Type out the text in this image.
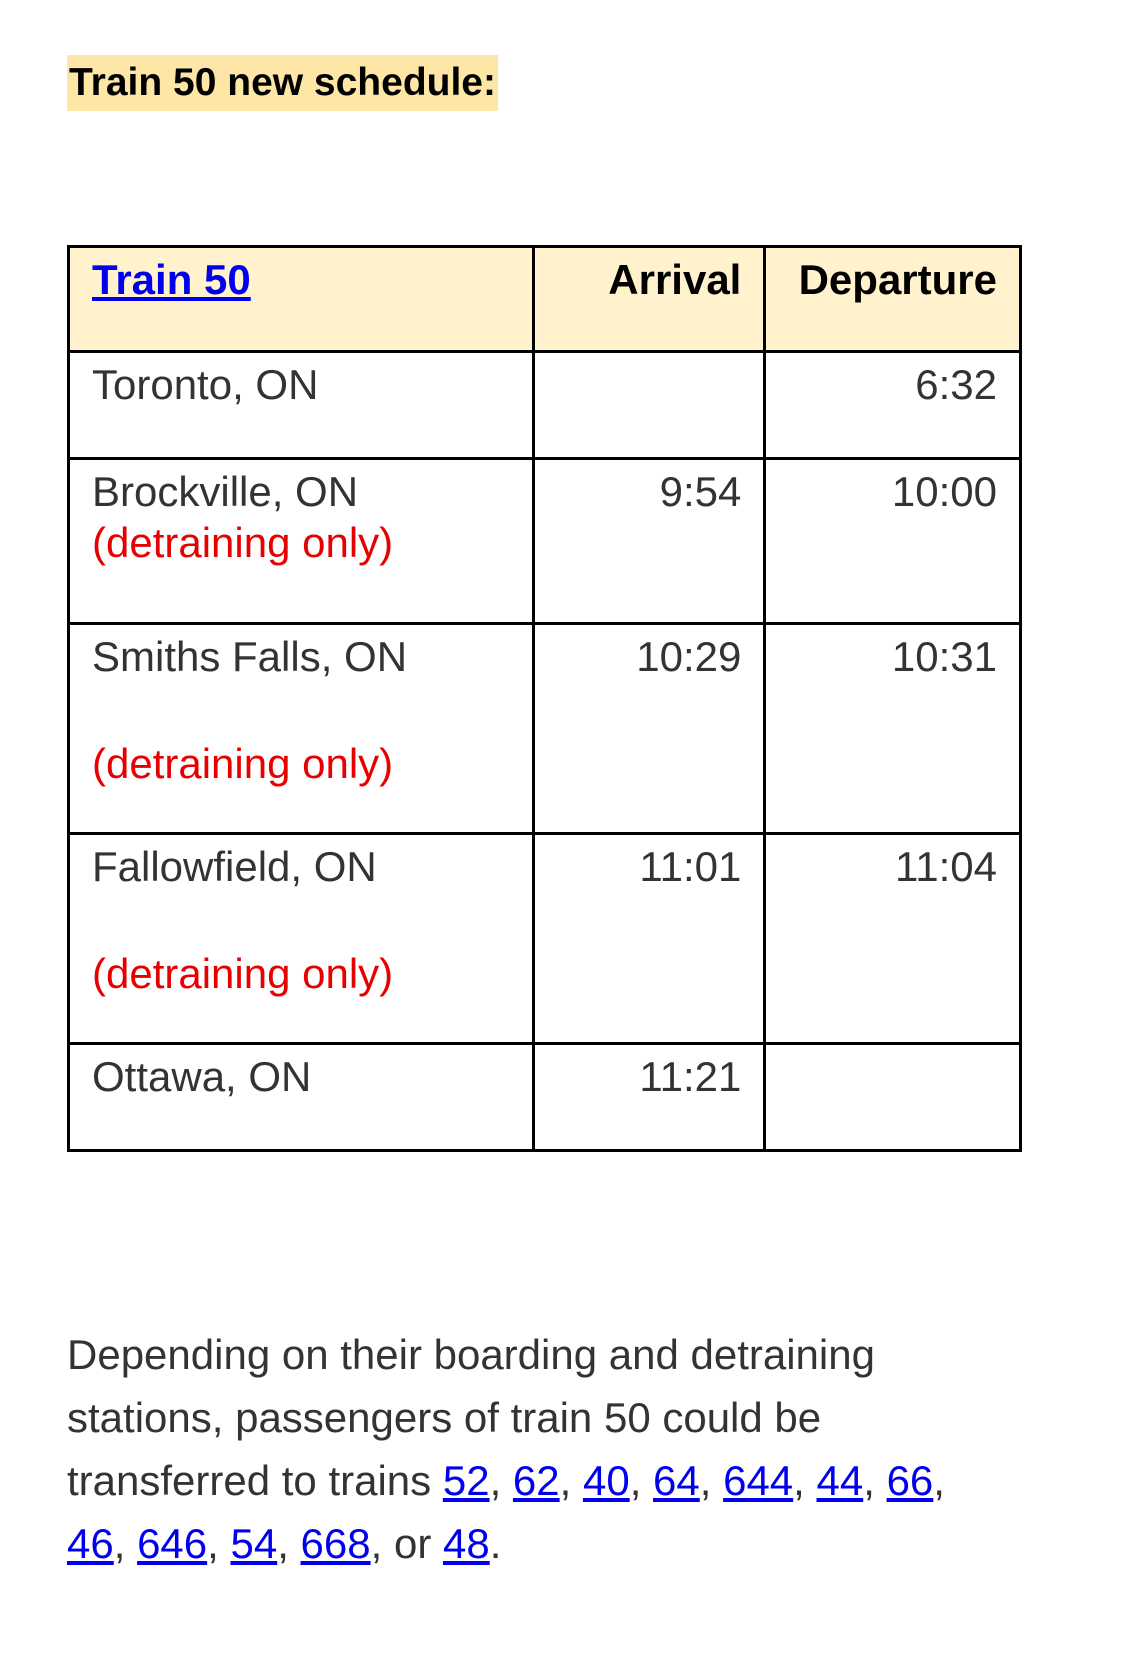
Train 50 new schedule:
Train 50	Arrival	Departure
Toronto, ON		6:32
Brockville, ON
(detraining only)	9:54	10:00
Smiths Falls, ON
(detraining only)	10:29	10:31
Fallowfield, ON
(detraining only)	11:01	11:04
Ottawa, ON	11:21	
Depending on their boarding and detraining
stations, passengers of train 50 could be
transferred to trains 52, 62, 40, 64, 644, 44, 66,
46, 646, 54, 668, or 48.
